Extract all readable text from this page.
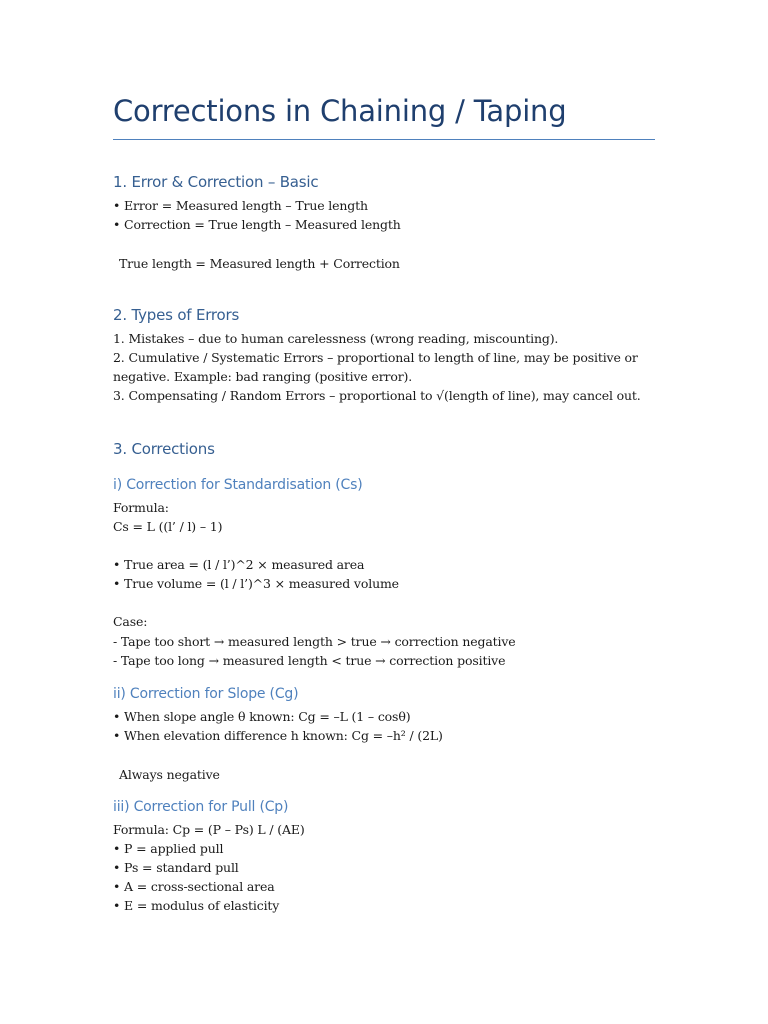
Corrections in Chaining / Taping
1. Error & Correction – Basic
• Error = Measured length – True length
• Correction = True length – Measured length
True length = Measured length + Correction
2. Types of Errors
1. Mistakes – due to human carelessness (wrong reading, miscounting).
2. Cumulative / Systematic Errors – proportional to length of line, may be positive or
negative. Example: bad ranging (positive error).
3. Compensating / Random Errors – proportional to √(length of line), may cancel out.
3. Corrections
i) Correction for Standardisation (Cs)
Formula:
Cs = L ((l’ / l) – 1)
• True area = (l / l’)^2 × measured area
• True volume = (l / l’)^3 × measured volume
Case:
- Tape too short → measured length > true → correction negative
- Tape too long → measured length < true → correction positive
ii) Correction for Slope (Cg)
• When slope angle θ known: Cg = –L (1 – cosθ)
• When elevation difference h known: Cg = –h² / (2L)
Always negative
iii) Correction for Pull (Cp)
Formula: Cp = (P – Ps) L / (AE)
• P = applied pull
• Ps = standard pull
• A = cross-sectional area
• E = modulus of elasticity
